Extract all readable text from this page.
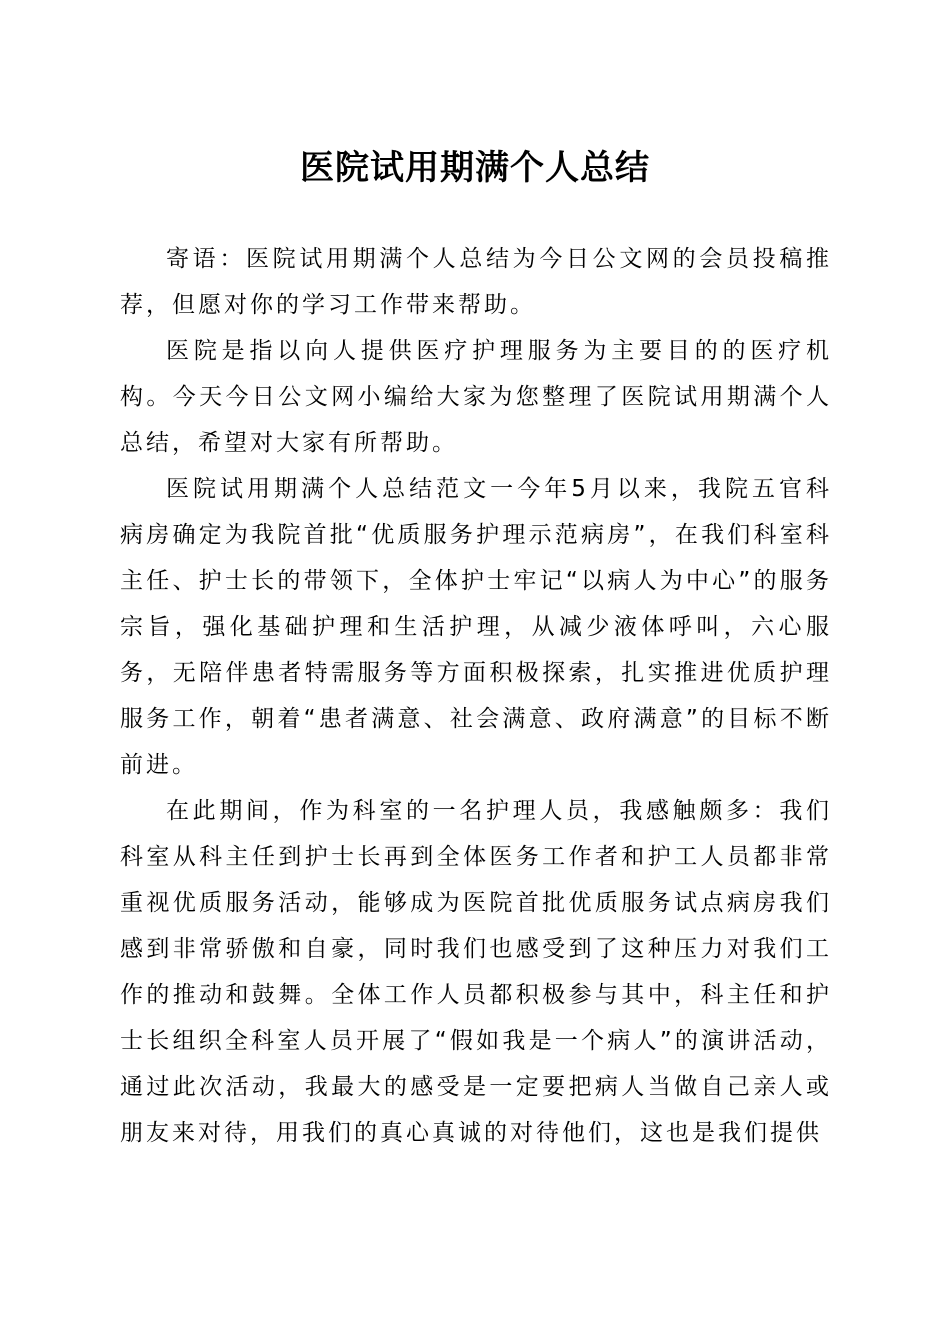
医院试用期满个人总结

寄语：医院试用期满个人总结为今日公文网的会员投稿推荐，但愿对你的学习工作带来帮助。

医院是指以向人提供医疗护理服务为主要目的的医疗机构。今天今日公文网小编给大家为您整理了医院试用期满个人总结，希望对大家有所帮助。

医院试用期满个人总结范文一今年5月以来，我院五官科病房确定为我院首批“优质服务护理示范病房”，在我们科室科主任、护士长的带领下，全体护士牢记“以病人为中心”的服务宗旨，强化基础护理和生活护理，从减少液体呼叫，六心服务，无陪伴患者特需服务等方面积极探索，扎实推进优质护理服务工作，朝着“患者满意、社会满意、政府满意”的目标不断前进。

在此期间，作为科室的一名护理人员，我感触颇多：我们科室从科主任到护士长再到全体医务工作者和护工人员都非常重视优质服务活动，能够成为医院首批优质服务试点病房我们感到非常骄傲和自豪，同时我们也感受到了这种压力对我们工作的推动和鼓舞。全体工作人员都积极参与其中，科主任和护士长组织全科室人员开展了“假如我是一个病人”的演讲活动，通过此次活动，我最大的感受是一定要把病人当做自己亲人或朋友来对待，用我们的真心真诚的对待他们，这也是我们提供
